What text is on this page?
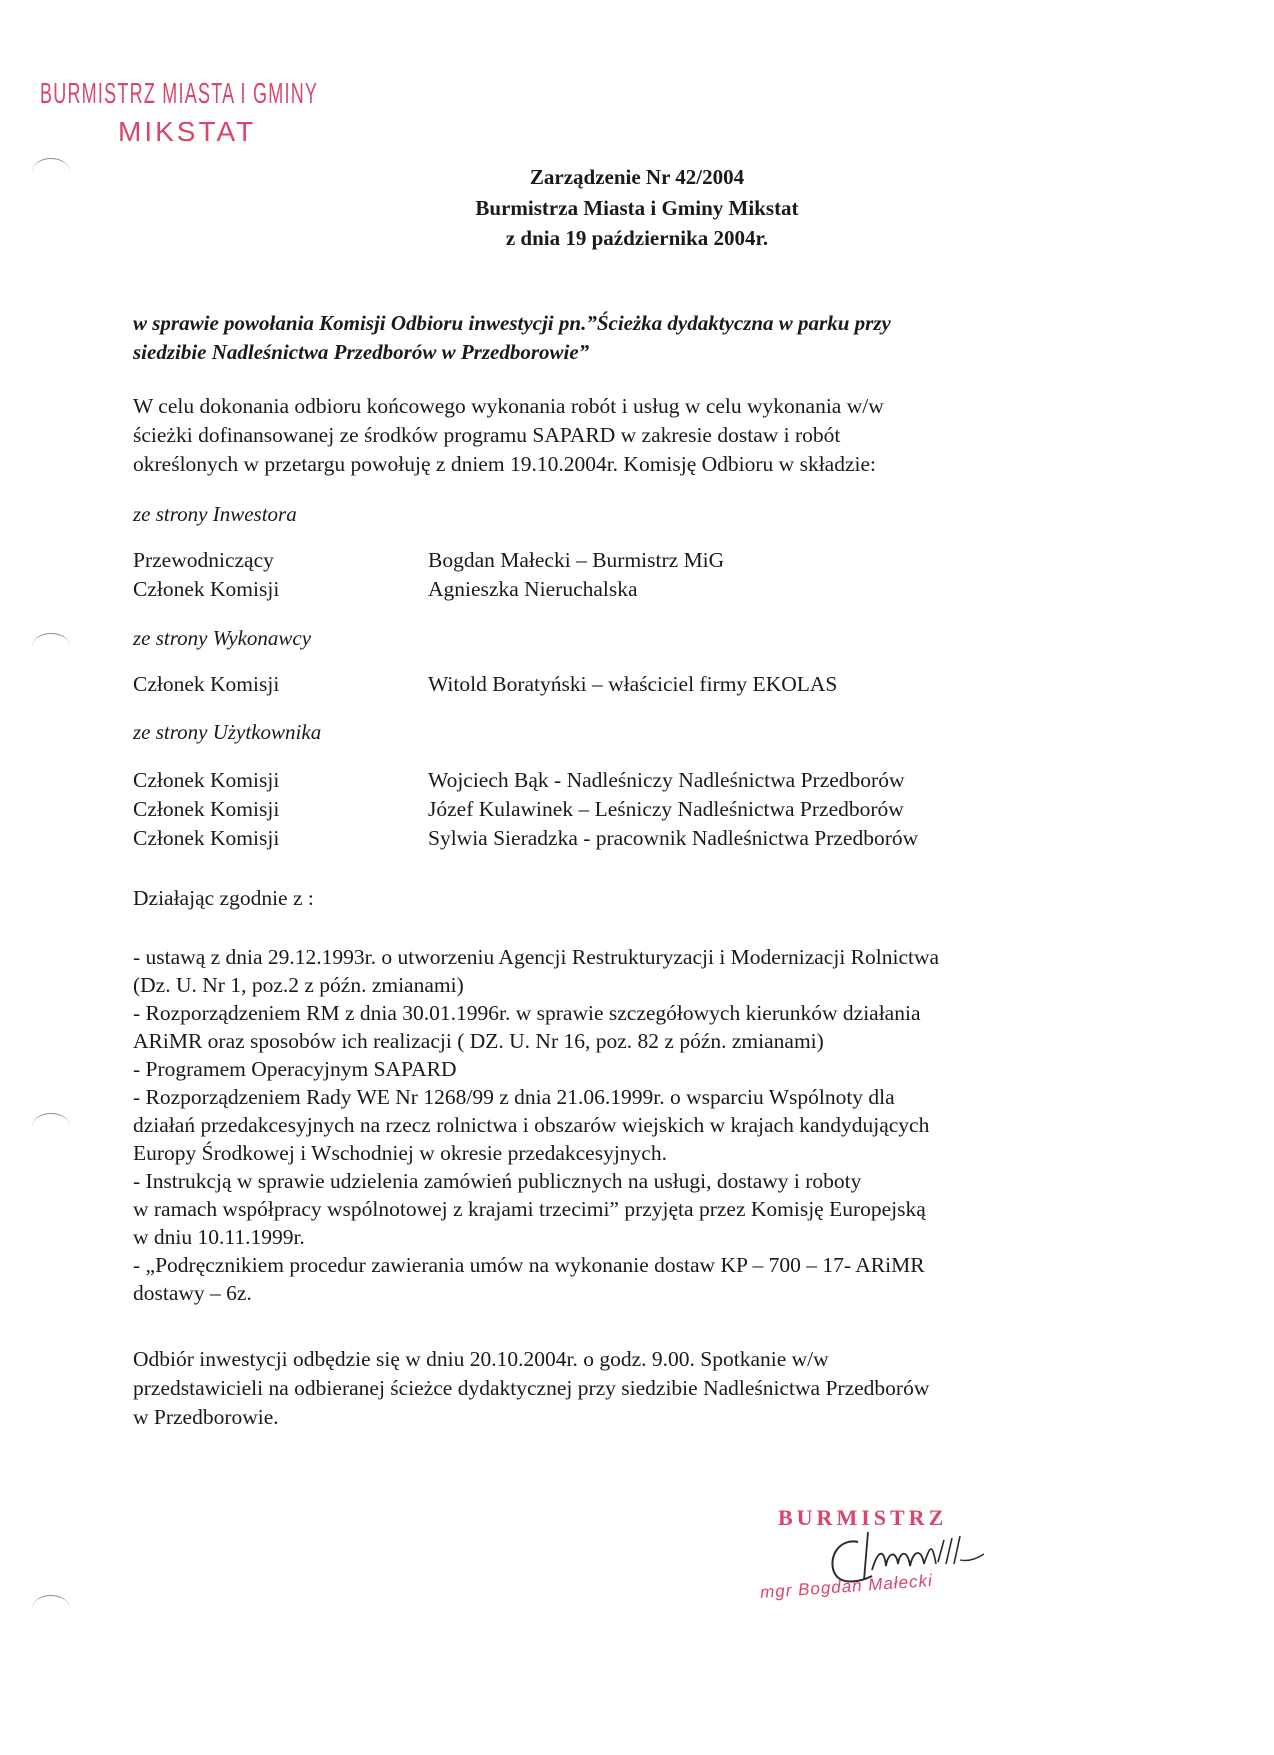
BURMISTRZ MIASTA I GMINY
MIKSTAT
Zarządzenie Nr 42/2004
Burmistrza Miasta i Gminy Mikstat
z dnia 19 października 2004r.
w sprawie powołania Komisji Odbioru inwestycji pn.”Ścieżka dydaktyczna w parku przy
siedzibie Nadleśnictwa Przedborów w Przedborowie”
W celu dokonania odbioru końcowego wykonania robót i usług w celu wykonania w/w
ścieżki dofinansowanej ze środków programu SAPARD w zakresie dostaw i robót
określonych w przetargu powołuję z dniem 19.10.2004r. Komisję Odbioru w składzie:
ze strony Inwestora
Przewodniczący	Bogdan Małecki – Burmistrz MiG
Członek Komisji	Agnieszka Nieruchalska
ze strony Wykonawcy
Członek Komisji	Witold Boratyński – właściciel firmy EKOLAS
ze strony Użytkownika
Członek Komisji	Wojciech Bąk - Nadleśniczy Nadleśnictwa Przedborów
Członek Komisji	Józef Kulawinek – Leśniczy Nadleśnictwa Przedborów
Członek Komisji	Sylwia Sieradzka - pracownik Nadleśnictwa Przedborów
Działając zgodnie z :
- ustawą z dnia 29.12.1993r. o utworzeniu Agencji Restrukturyzacji i Modernizacji Rolnictwa
(Dz. U. Nr 1, poz.2 z późn. zmianami)
- Rozporządzeniem RM z dnia 30.01.1996r. w sprawie szczegółowych kierunków działania
ARiMR oraz sposobów ich realizacji ( DZ. U. Nr 16, poz. 82 z późn. zmianami)
- Programem Operacyjnym SAPARD
- Rozporządzeniem Rady WE Nr 1268/99 z dnia 21.06.1999r. o wsparciu Wspólnoty dla
działań przedakcesyjnych na rzecz rolnictwa i obszarów wiejskich w krajach kandydujących
Europy Środkowej i Wschodniej w okresie przedakcesyjnych.
- Instrukcją w sprawie udzielenia zamówień publicznych na usługi, dostawy i roboty
w ramach współpracy wspólnotowej z krajami trzecimi” przyjęta przez Komisję Europejską
w dniu 10.11.1999r.
- „Podręcznikiem procedur zawierania umów na wykonanie dostaw KP – 700 – 17- ARiMR
dostawy – 6z.
Odbiór inwestycji odbędzie się w dniu 20.10.2004r. o godz. 9.00. Spotkanie w/w
przedstawicieli na odbieranej ścieżce dydaktycznej przy siedzibie Nadleśnictwa Przedborów
w Przedborowie.
BURMISTRZ
mgr Bogdan Małecki
